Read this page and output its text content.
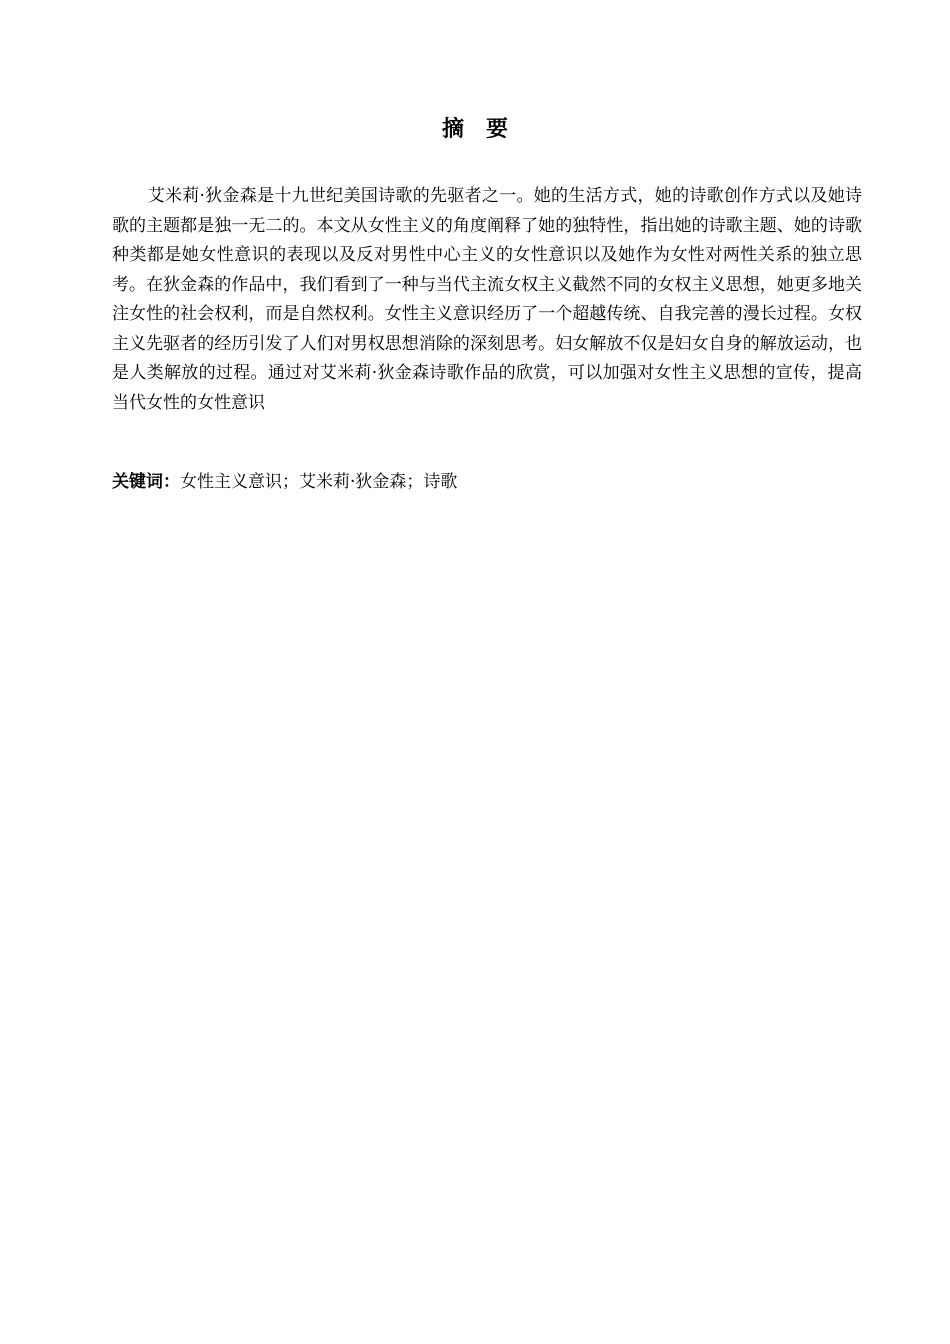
摘　要

艾米莉·狄金森是十九世纪美国诗歌的先驱者之一。她的生活方式，她的诗歌创作方式以及她诗歌的主题都是独一无二的。本文从女性主义的角度阐释了她的独特性，指出她的诗歌主题、她的诗歌种类都是她女性意识的表现以及反对男性中心主义的女性意识以及她作为女性对两性关系的独立思考。在狄金森的作品中，我们看到了一种与当代主流女权主义截然不同的女权主义思想，她更多地关注女性的社会权利，而是自然权利。女性主义意识经历了一个超越传统、自我完善的漫长过程。女权主义先驱者的经历引发了人们对男权思想消除的深刻思考。妇女解放不仅是妇女自身的解放运动，也是人类解放的过程。通过对艾米莉·狄金森诗歌作品的欣赏，可以加强对女性主义思想的宣传，提高当代女性的女性意识

关键词：女性主义意识；艾米莉·狄金森；诗歌
